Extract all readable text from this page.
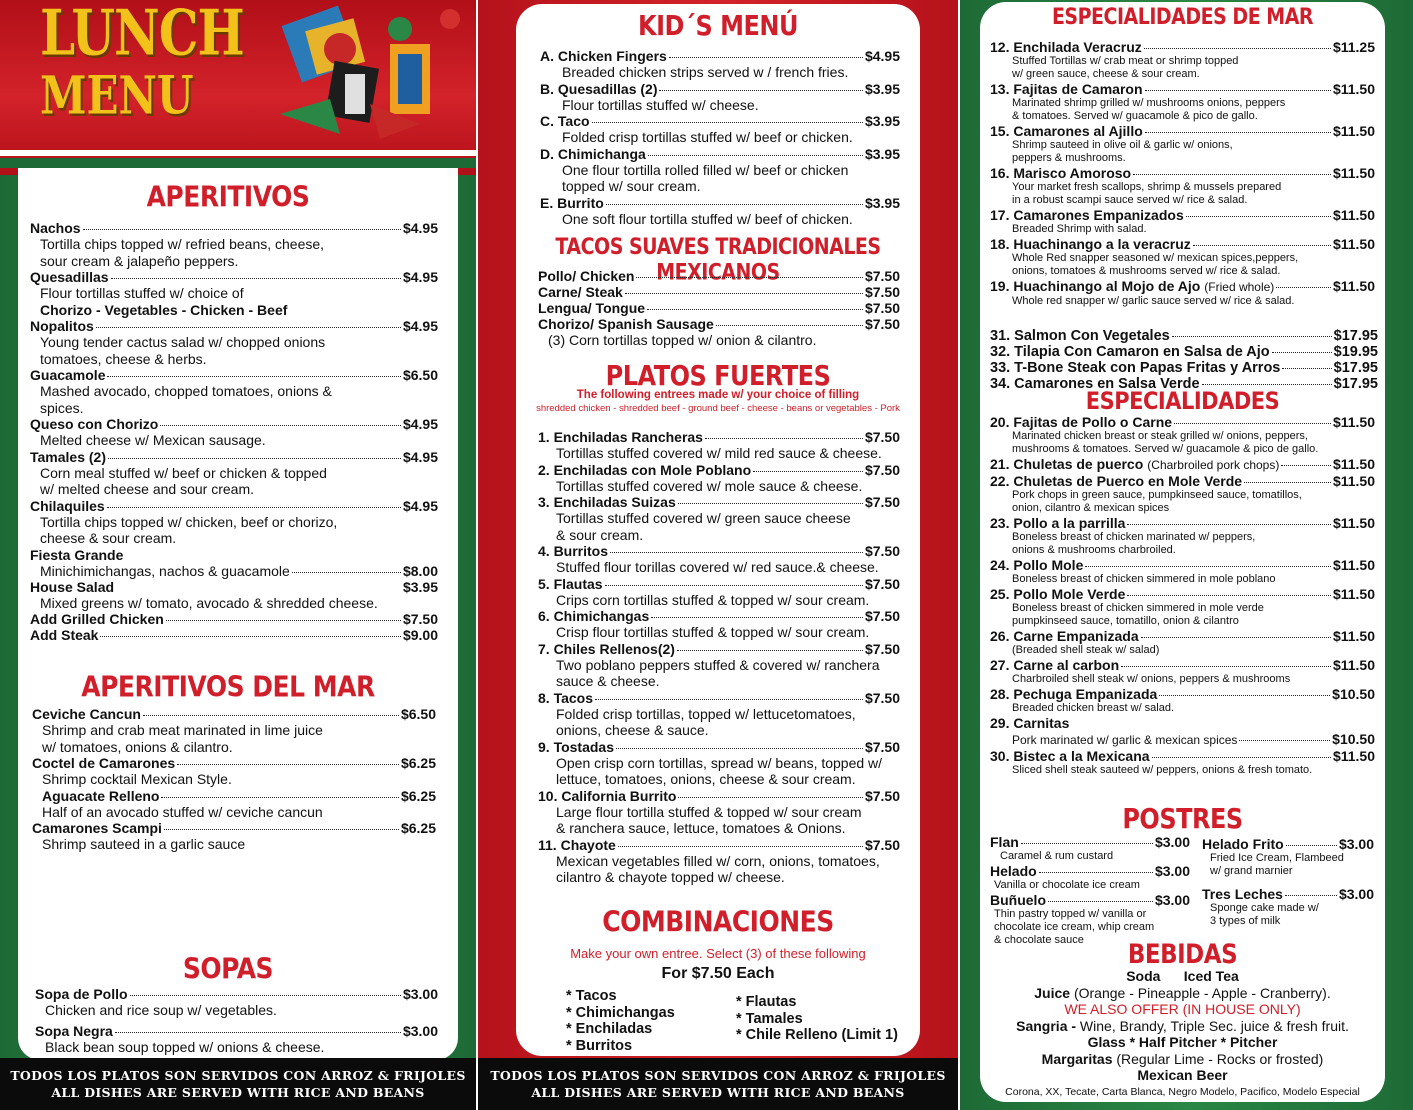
LUNCH
MENU
APERITIVOS
Nachos	$4.95
Tortilla chips topped w/ refried beans, cheese,
sour cream & jalapeño peppers.
Quesadillas	$4.95
Flour tortillas stuffed w/ choice of
Chorizo - Vegetables - Chicken - Beef
Nopalitos	$4.95
Young tender cactus salad w/ chopped onions
tomatoes, cheese & herbs.
Guacamole	$6.50
Mashed avocado, chopped tomatoes, onions &
spices.
Queso con Chorizo	$4.95
Melted cheese w/ Mexican sausage.
Tamales (2)	$4.95
Corn meal stuffed w/ beef or chicken & topped
w/ melted cheese and sour cream.
Chilaquiles	$4.95
Tortilla chips topped w/ chicken, beef or chorizo,
cheese & sour cream.
Fiesta Grande
Minichimichangas, nachos & guacamole	$8.00
House Salad	$3.95
Mixed greens w/ tomato, avocado & shredded cheese.
Add Grilled Chicken	$7.50
Add Steak	$9.00
APERITIVOS DEL MAR
Ceviche Cancun	$6.50
Shrimp and crab meat marinated in lime juice
w/ tomatoes, onions & cilantro.
Coctel de Camarones	$6.25
Shrimp cocktail Mexican Style.
Aguacate Relleno	$6.25
Half of an avocado stuffed w/ ceviche cancun
Camarones Scampi	$6.25
Shrimp sauteed in a garlic sauce
SOPAS
Sopa de Pollo	$3.00
Chicken and rice soup w/ vegetables.
Sopa Negra	$3.00
Black bean soup topped w/ onions & cheese.
TODOS LOS PLATOS SON SERVIDOS CON ARROZ & FRIJOLES
ALL DISHES ARE SERVED WITH RICE AND BEANS
KID´S MENÚ
A. Chicken Fingers	$4.95
Breaded chicken strips served w / french fries.
B. Quesadillas (2)	$3.95
Flour tortillas stuffed w/ cheese.
C. Taco	$3.95
Folded crisp tortillas stuffed w/ beef or chicken.
D. Chimichanga	$3.95
One flour tortilla rolled filled w/ beef or chicken
topped w/ sour cream.
E. Burrito	$3.95
One soft flour tortilla stuffed w/ beef of chicken.
TACOS SUAVES TRADICIONALES MEXICANOS
Pollo/ Chicken	$7.50
Carne/ Steak	$7.50
Lengua/ Tongue	$7.50
Chorizo/ Spanish Sausage	$7.50
(3) Corn tortillas topped w/ onion & cilantro.
PLATOS FUERTES
The following entrees made w/ your choice of filling
shredded chicken - shredded beef - ground beef - cheese - beans or vegetables - Pork
1. Enchiladas Rancheras	$7.50
Tortillas stuffed covered w/ mild red sauce & cheese.
2. Enchiladas con Mole Poblano	$7.50
Tortillas stuffed covered w/ mole sauce & cheese.
3. Enchiladas Suizas	$7.50
Tortillas stuffed covered w/ green sauce cheese
& sour cream.
4. Burritos	$7.50
Stuffed flour torillas covered w/ red sauce.& cheese.
5. Flautas	$7.50
Crips corn tortillas stuffed & topped w/ sour cream.
6. Chimichangas	$7.50
Crisp flour tortillas stuffed & topped w/ sour cream.
7. Chiles Rellenos(2)	$7.50
Two poblano peppers stuffed & covered w/ ranchera
sauce & cheese.
8. Tacos	$7.50
Folded crisp tortillas, topped w/ lettucetomatoes,
onions, cheese & sauce.
9. Tostadas	$7.50
Open crisp corn tortillas, spread w/ beans, topped w/
lettuce, tomatoes, onions, cheese & sour cream.
10. California Burrito	$7.50
Large flour tortilla stuffed & topped w/ sour cream
& ranchera sauce, lettuce, tomatoes & Onions.
11. Chayote	$7.50
Mexican vegetables filled w/ corn, onions, tomatoes,
cilantro & chayote topped w/ cheese.
COMBINACIONES
Make your own entree. Select (3) of these following
For $7.50 Each
* Tacos
* Chimichangas
* Enchiladas
* Burritos
* Flautas
* Tamales
* Chile Relleno (Limit 1)
TODOS LOS PLATOS SON SERVIDOS CON ARROZ & FRIJOLES
ALL DISHES ARE SERVED WITH RICE AND BEANS
ESPECIALIDADES DE MAR
12. Enchilada Veracruz	$11.25
Stuffed Tortillas w/ crab meat or shrimp topped
w/ green sauce, cheese & sour cream.
13. Fajitas de Camaron	$11.50
Marinated shrimp grilled w/ mushrooms onions, peppers
& tomatoes. Served w/ guacamole & pico de gallo.
15. Camarones al Ajillo	$11.50
Shrimp sauteed in olive oil & garlic w/ onions,
peppers & mushrooms.
16. Marisco Amoroso	$11.50
Your market fresh scallops, shrimp & mussels prepared
in a robust scampi sauce served w/ rice & salad.
17. Camarones Empanizados	$11.50
Breaded Shrimp with salad.
18. Huachinango a la veracruz	$11.50
Whole Red snapper seasoned w/ mexican spices,peppers,
onions, tomatoes & mushrooms served w/ rice & salad.
19. Huachinango al Mojo de Ajo (Fried whole)	$11.50
Whole red snapper w/ garlic sauce served w/ rice & salad.
31. Salmon Con Vegetales	$17.95
32. Tilapia Con Camaron en Salsa de Ajo	$19.95
33. T-Bone Steak con Papas Fritas y Arros	$17.95
34. Camarones en Salsa Verde	$17.95
ESPECIALIDADES
20. Fajitas de Pollo o Carne	$11.50
Marinated chicken breast or steak grilled w/ onions, peppers,
mushrooms & tomatoes. Served w/ guacamole & pico de gallo.
21. Chuletas de puerco (Charbroiled pork chops)	$11.50
22. Chuletas de Puerco en Mole Verde	$11.50
Pork chops in green sauce, pumpkinseed sauce, tomatillos,
onion, cilantro & mexican spices
23. Pollo a la parrilla	$11.50
Boneless breast of chicken marinated w/ peppers,
onions & mushrooms charbroiled.
24. Pollo Mole	$11.50
Boneless breast of chicken simmered in mole poblano
25. Pollo Mole Verde	$11.50
Boneless breast of chicken simmered in mole verde
pumpkinseed sauce, tomatillo, onion & cilantro
26. Carne Empanizada	$11.50
(Breaded shell steak w/ salad)
27. Carne al carbon	$11.50
Charbroiled shell steak w/ onions, peppers & mushrooms
28. Pechuga Empanizada	$10.50
Breaded chicken breast w/ salad.
29. Carnitas
Pork marinated w/ garlic & mexican spices	$10.50
30. Bistec a la Mexicana	$11.50
Sliced shell steak sauteed w/ peppers, onions & fresh tomato.
POSTRES
Flan	$3.00
Caramel & rum custard
Helado	$3.00
Vanilla or chocolate ice cream
Buñuelo	$3.00
Thin pastry topped w/ vanilla or
chocolate ice cream, whip cream
& chocolate sauce
Helado Frito	$3.00
Fried Ice Cream, Flambeed
w/ grand marnier
Tres Leches	$3.00
Sponge cake made w/
3 types of milk
BEBIDAS
Soda Iced Tea
Juice (Orange - Pineapple - Apple - Cranberry).
WE ALSO OFFER (IN HOUSE ONLY)
Sangria - Wine, Brandy, Triple Sec. juice & fresh fruit.
Glass * Half Pitcher * Pitcher
Margaritas (Regular Lime - Rocks or frosted)
Mexican Beer
Corona, XX, Tecate, Carta Blanca, Negro Modelo, Pacifico, Modelo Especial
